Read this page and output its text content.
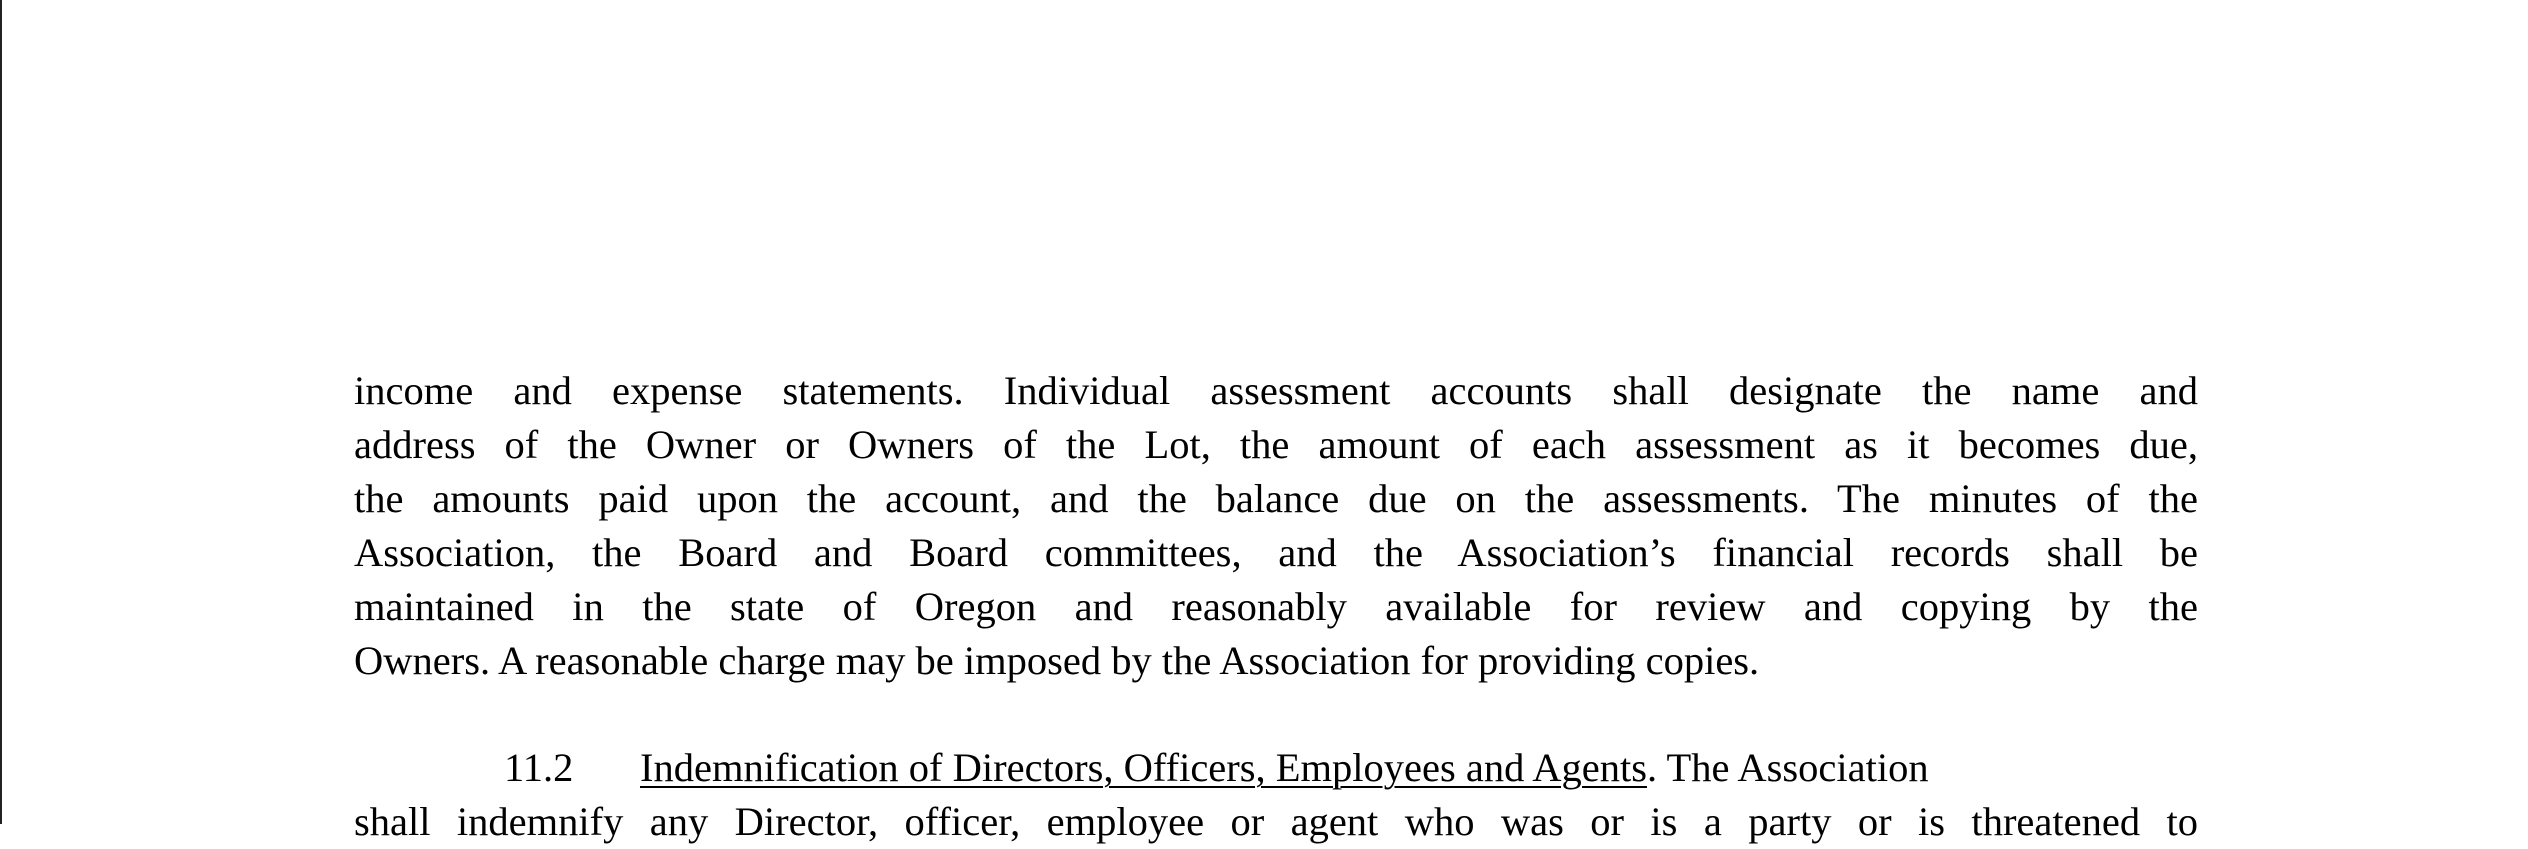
income and expense statements. Individual assessment accounts shall designate the name and
address of the Owner or Owners of the Lot, the amount of each assessment as it becomes due,
the amounts paid upon the account, and the balance due on the assessments. The minutes of the
Association, the Board and Board committees, and the Association’s financial records shall be
maintained in the state of Oregon and reasonably available for review and copying by the
Owners. A reasonable charge may be imposed by the Association for providing copies.
11.2 Indemnification of Directors, Officers, Employees and Agents. The Association
shall indemnify any Director, officer, employee or agent who was or is a party or is threatened to
